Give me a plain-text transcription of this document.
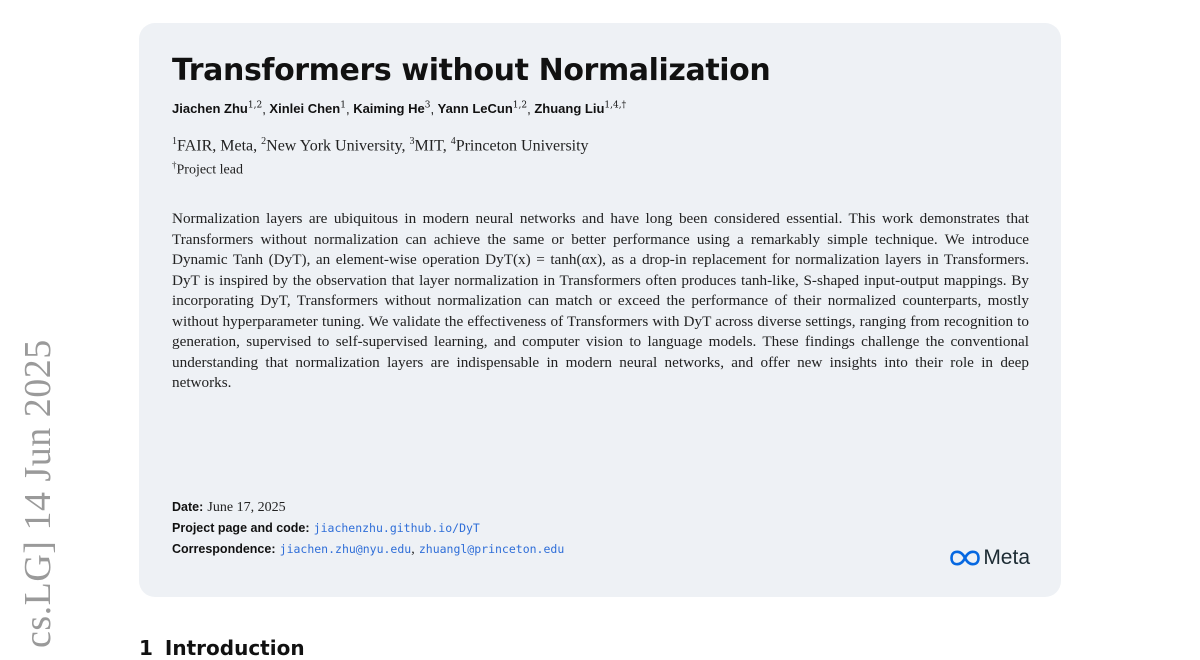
cs.LG] 14 Jun 2025
Transformers without Normalization
Jiachen Zhu$^{1,2}$, Xinlei Chen$^1$, Kaiming He$^3$, Yann LeCun$^{1,2}$, Zhuang Liu$^{1,4,\dagger}$
$^1$FAIR, Meta, $^2$New York University, $^3$MIT, $^4$Princeton University
†Project lead

Normalization layers are ubiquitous in modern neural networks and have long been considered essential. This work demonstrates that Transformers without normalization can achieve the same or better performance using a remarkably simple technique. We introduce Dynamic Tanh (DyT), an element-wise operation DyT(x) = tanh(αx), as a drop-in replacement for normalization layers in Transformers. DyT is inspired by the observation that layer normalization in Transformers often produces tanh-like, S-shaped input-output mappings. By incorporating DyT, Transformers without normalization can match or exceed the performance of their normalized counterparts, mostly without hyperparameter tuning. We validate the effectiveness of Transformers with DyT across diverse settings, ranging from recognition to generation, supervised to self-supervised learning, and computer vision to language models. These findings challenge the conventional understanding that normalization layers are indispensable in modern neural networks, and offer new insights into their role in deep networks.

Date: June 17, 2025
Project page and code: jiachenzhu.github.io/DyT
Correspondence: jiachen.zhu@nyu.edu, zhuangl@princeton.edu	Meta
1 Introduction
